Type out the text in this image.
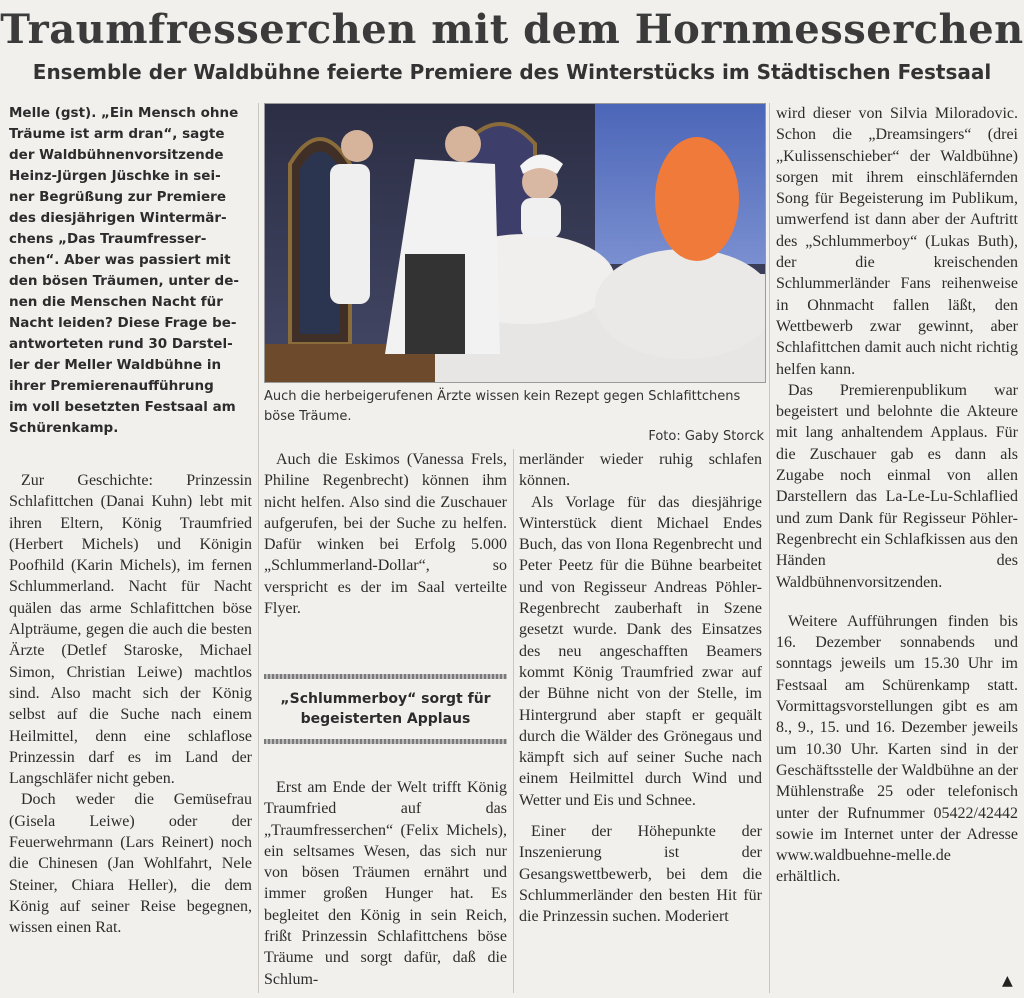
Traumfresserchen mit dem Hornmesserchen
Ensemble der Waldbühne feierte Premiere des Winterstücks im Städtischen Festsaal

Melle (gst). „Ein Mensch ohne
Träume ist arm dran“, sagte
der Waldbühnenvorsitzende
Heinz-Jürgen Jüschke in sei-
ner Begrüßung zur Premiere
des diesjährigen Wintermär-
chens „Das Traumfresser-
chen“. Aber was passiert mit
den bösen Träumen, unter de-
nen die Menschen Nacht für
Nacht leiden? Diese Frage be-
antworteten rund 30 Darstel-
ler der Meller Waldbühne in
ihrer Premierenaufführung
im voll besetzten Festsaal am
Schürenkamp.

Zur Geschichte: Prinzessin Schlafittchen (Danai Kuhn) lebt mit ihren Eltern, König Traumfried (Herbert Michels) und Königin Poofhild (Karin Michels), im fernen Schlummerland. Nacht für Nacht quälen das arme Schlafittchen böse Alpträume, gegen die auch die besten Ärzte (Detlef Staroske, Michael Simon, Christian Leiwe) machtlos sind. Also macht sich der König selbst auf die Suche nach einem Heilmittel, denn eine schlaflose Prinzessin darf es im Land der Langschläfer nicht geben.

Doch weder die Gemüsefrau (Gisela Leiwe) oder der Feuerwehrmann (Lars Reinert) noch die Chinesen (Jan Wohlfahrt, Nele Steiner, Chiara Heller), die dem König auf seiner Reise begegnen, wissen einen Rat.

Auch die herbeigerufenen Ärzte wissen kein Rezept gegen Schlafittchens böse Träume.
Foto: Gaby Storck

Auch die Eskimos (Vanessa Frels, Philine Regenbrecht) können ihm nicht helfen. Also sind die Zuschauer aufgerufen, bei der Suche zu helfen. Dafür winken bei Erfolg 5.000 „Schlummerland-Dollar“, so verspricht es der im Saal verteilte Flyer.

„Schlummerboy“ sorgt für
begeisterten Applaus

Erst am Ende der Welt trifft König Traumfried auf das „Traumfresserchen“ (Felix Michels), ein seltsames Wesen, das sich nur von bösen Träumen ernährt und immer großen Hunger hat. Es begleitet den König in sein Reich, frißt Prinzessin Schlafittchens böse Träume und sorgt dafür, daß die Schlum-

merländer wieder ruhig schlafen können.

Als Vorlage für das diesjährige Winterstück dient Michael Endes Buch, das von Ilona Regenbrecht und Peter Peetz für die Bühne bearbeitet und von Regisseur Andreas Pöhler-Regenbrecht zauberhaft in Szene gesetzt wurde. Dank des Einsatzes des neu angeschafften Beamers kommt König Traumfried zwar auf der Bühne nicht von der Stelle, im Hintergrund aber stapft er gequält durch die Wälder des Grönegaus und kämpft sich auf seiner Suche nach einem Heilmittel durch Wind und Wetter und Eis und Schnee.

Einer der Höhepunkte der Inszenierung ist der Gesangswettbewerb, bei dem die Schlummerländer den besten Hit für die Prinzessin suchen. Moderiert

wird dieser von Silvia Miloradovic. Schon die „Dreamsingers“ (drei „Kulissenschieber“ der Waldbühne) sorgen mit ihrem einschläfernden Song für Begeisterung im Publikum, umwerfend ist dann aber der Auftritt des „Schlummerboy“ (Lukas Buth), der die kreischenden Schlummerländer Fans reihenweise in Ohnmacht fallen läßt, den Wettbewerb zwar gewinnt, aber Schlafittchen damit auch nicht richtig helfen kann.

Das Premierenpublikum war begeistert und belohnte die Akteure mit lang anhaltendem Applaus. Für die Zuschauer gab es dann als Zugabe noch einmal von allen Darstellern das La-Le-Lu-Schlaflied und zum Dank für Regisseur Pöhler-Regenbrecht ein Schlafkissen aus den Händen des Waldbühnenvorsitzenden.

Weitere Aufführungen finden bis 16. Dezember sonnabends und sonntags jeweils um 15.30 Uhr im Festsaal am Schürenkamp statt. Vormittagsvorstellungen gibt es am 8., 9., 15. und 16. Dezember jeweils um 10.30 Uhr. Karten sind in der Geschäftsstelle der Waldbühne an der Mühlenstraße 25 oder telefonisch unter der Rufnummer 05422/42442 sowie im Internet unter der Adresse www.waldbuehne-melle.de erhältlich.

▲
